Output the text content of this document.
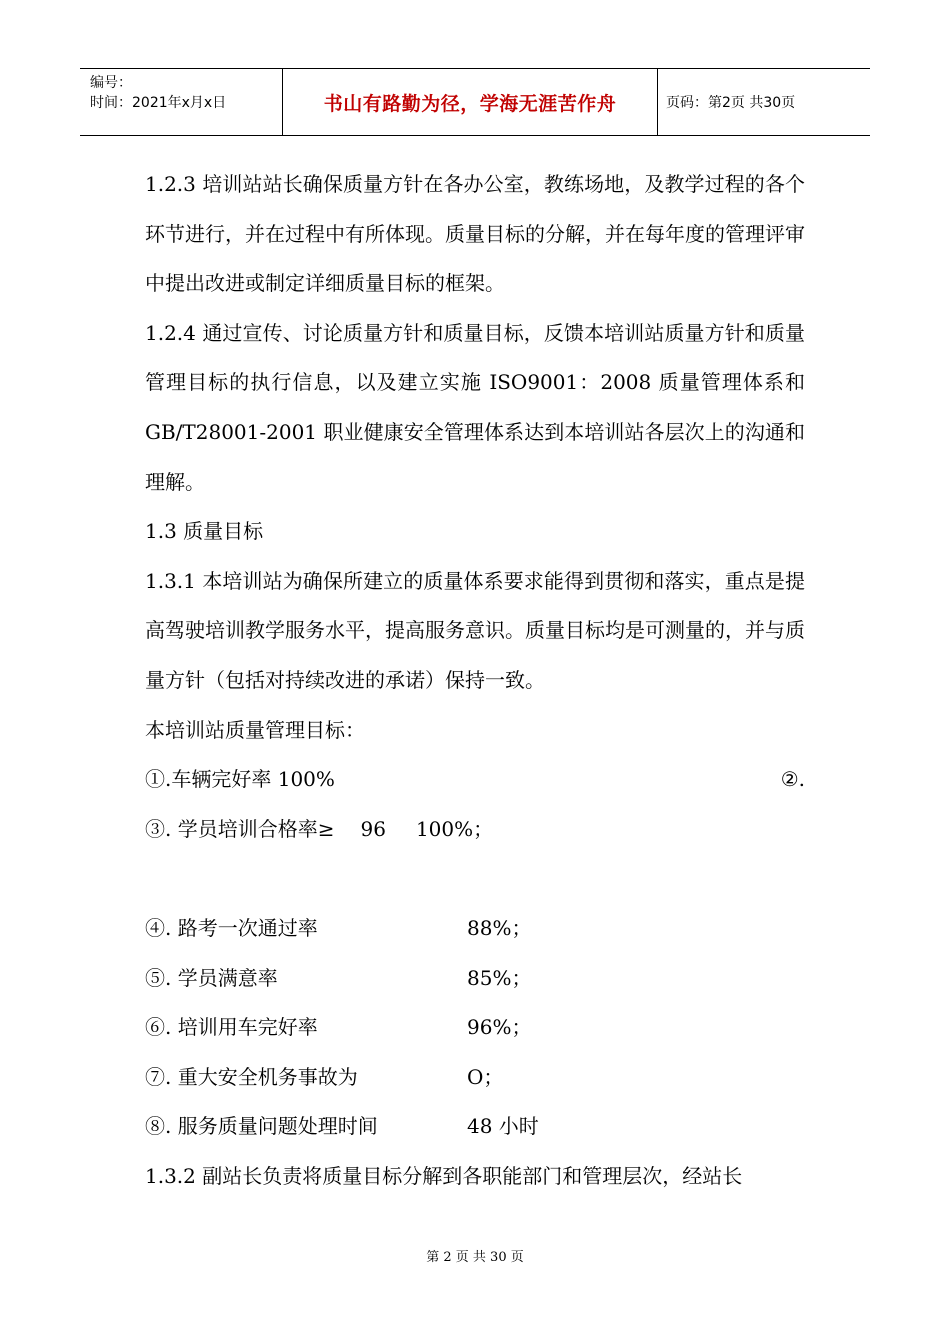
编号：
时间：2021年x月x日	书山有路勤为径，学海无涯苦作舟	页码：第2页 共30页

1.2.3 培训站站长确保质量方针在各办公室，教练场地，及教学过程的各个环节进行，并在过程中有所体现。质量目标的分解，并在每年度的管理评审中提出改进或制定详细质量目标的框架。

1.2.4 通过宣传、讨论质量方针和质量目标，反馈本培训站质量方针和质量管理目标的执行信息，以及建立实施 ISO9001：2008 质量管理体系和 GB/T28001-2001 职业健康安全管理体系达到本培训站各层次上的沟通和理解。

1.3 质量目标

1.3.1 本培训站为确保所建立的质量体系要求能得到贯彻和落实，重点是提高驾驶培训教学服务水平，提高服务意识。质量目标均是可测量的，并与质量方针（包括对持续改进的承诺）保持一致。

本培训站质量管理目标：

①.车辆完好率 100%	②.
③. 学员培训合格率≥ 96 100%；
④. 路考一次通过率	88%；
⑤. 学员满意率	85%；
⑥. 培训用车完好率	96%；
⑦. 重大安全机务事故为	O；
⑧. 服务质量问题处理时间	48 小时

1.3.2 副站长负责将质量目标分解到各职能部门和管理层次，经站长

第 2 页 共 30 页
